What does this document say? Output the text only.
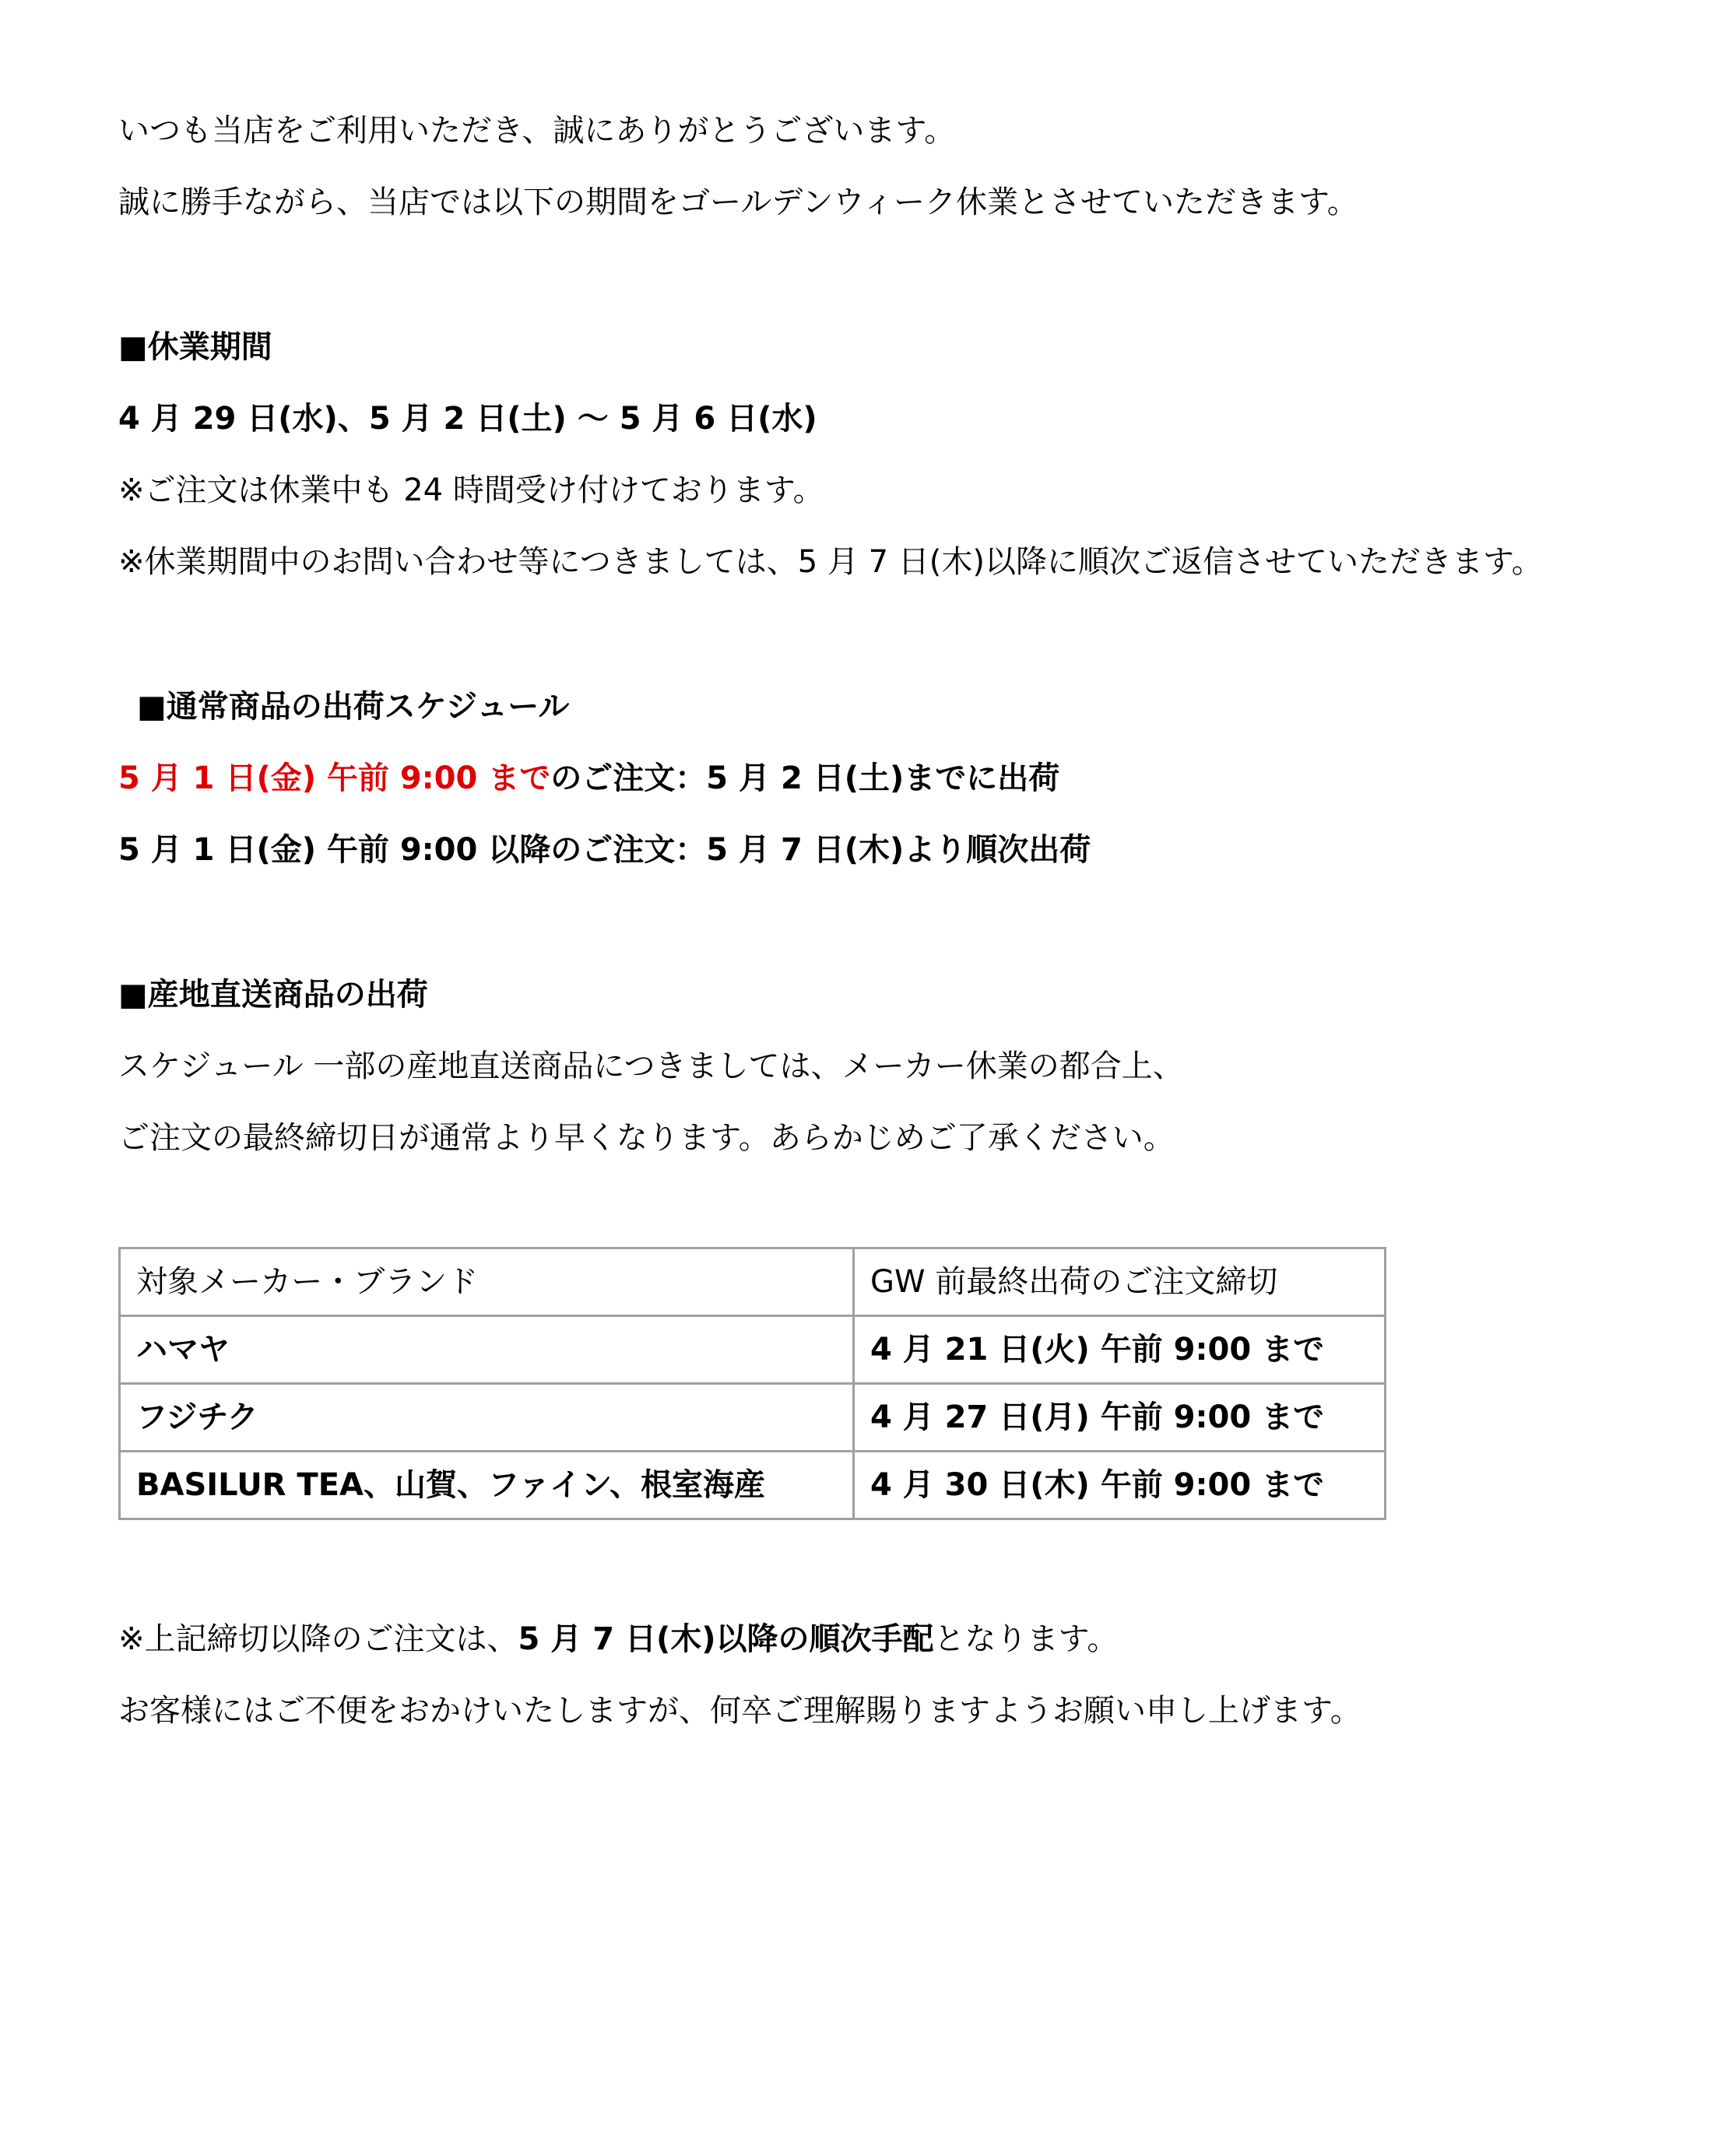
いつも当店をご利用いただき、誠にありがとうございます。
誠に勝手ながら、当店では以下の期間をゴールデンウィーク休業とさせていただきます。
■休業期間
4 月 29 日(水)、5 月 2 日(土) 〜 5 月 6 日(水)
※ご注文は休業中も 24 時間受け付けております。
※休業期間中のお問い合わせ等につきましては、5 月 7 日(木)以降に順次ご返信させていただきます。
■通常商品の出荷スケジュール
5 月 1 日(金) 午前 9:00 までのご注文：5 月 2 日(土)までに出荷
5 月 1 日(金) 午前 9:00 以降のご注文：5 月 7 日(木)より順次出荷
■産地直送商品の出荷
スケジュール 一部の産地直送商品につきましては、メーカー休業の都合上、
ご注文の最終締切日が通常より早くなります。あらかじめご了承ください。
対象メーカー・ブランド	GW 前最終出荷のご注文締切
ハマヤ	4 月 21 日(火) 午前 9:00 まで
フジチク	4 月 27 日(月) 午前 9:00 まで
BASILUR TEA、山賀、ファイン、根室海産	4 月 30 日(木) 午前 9:00 まで
※上記締切以降のご注文は、5 月 7 日(木)以降の順次手配となります。
お客様にはご不便をおかけいたしますが、何卒ご理解賜りますようお願い申し上げます。
